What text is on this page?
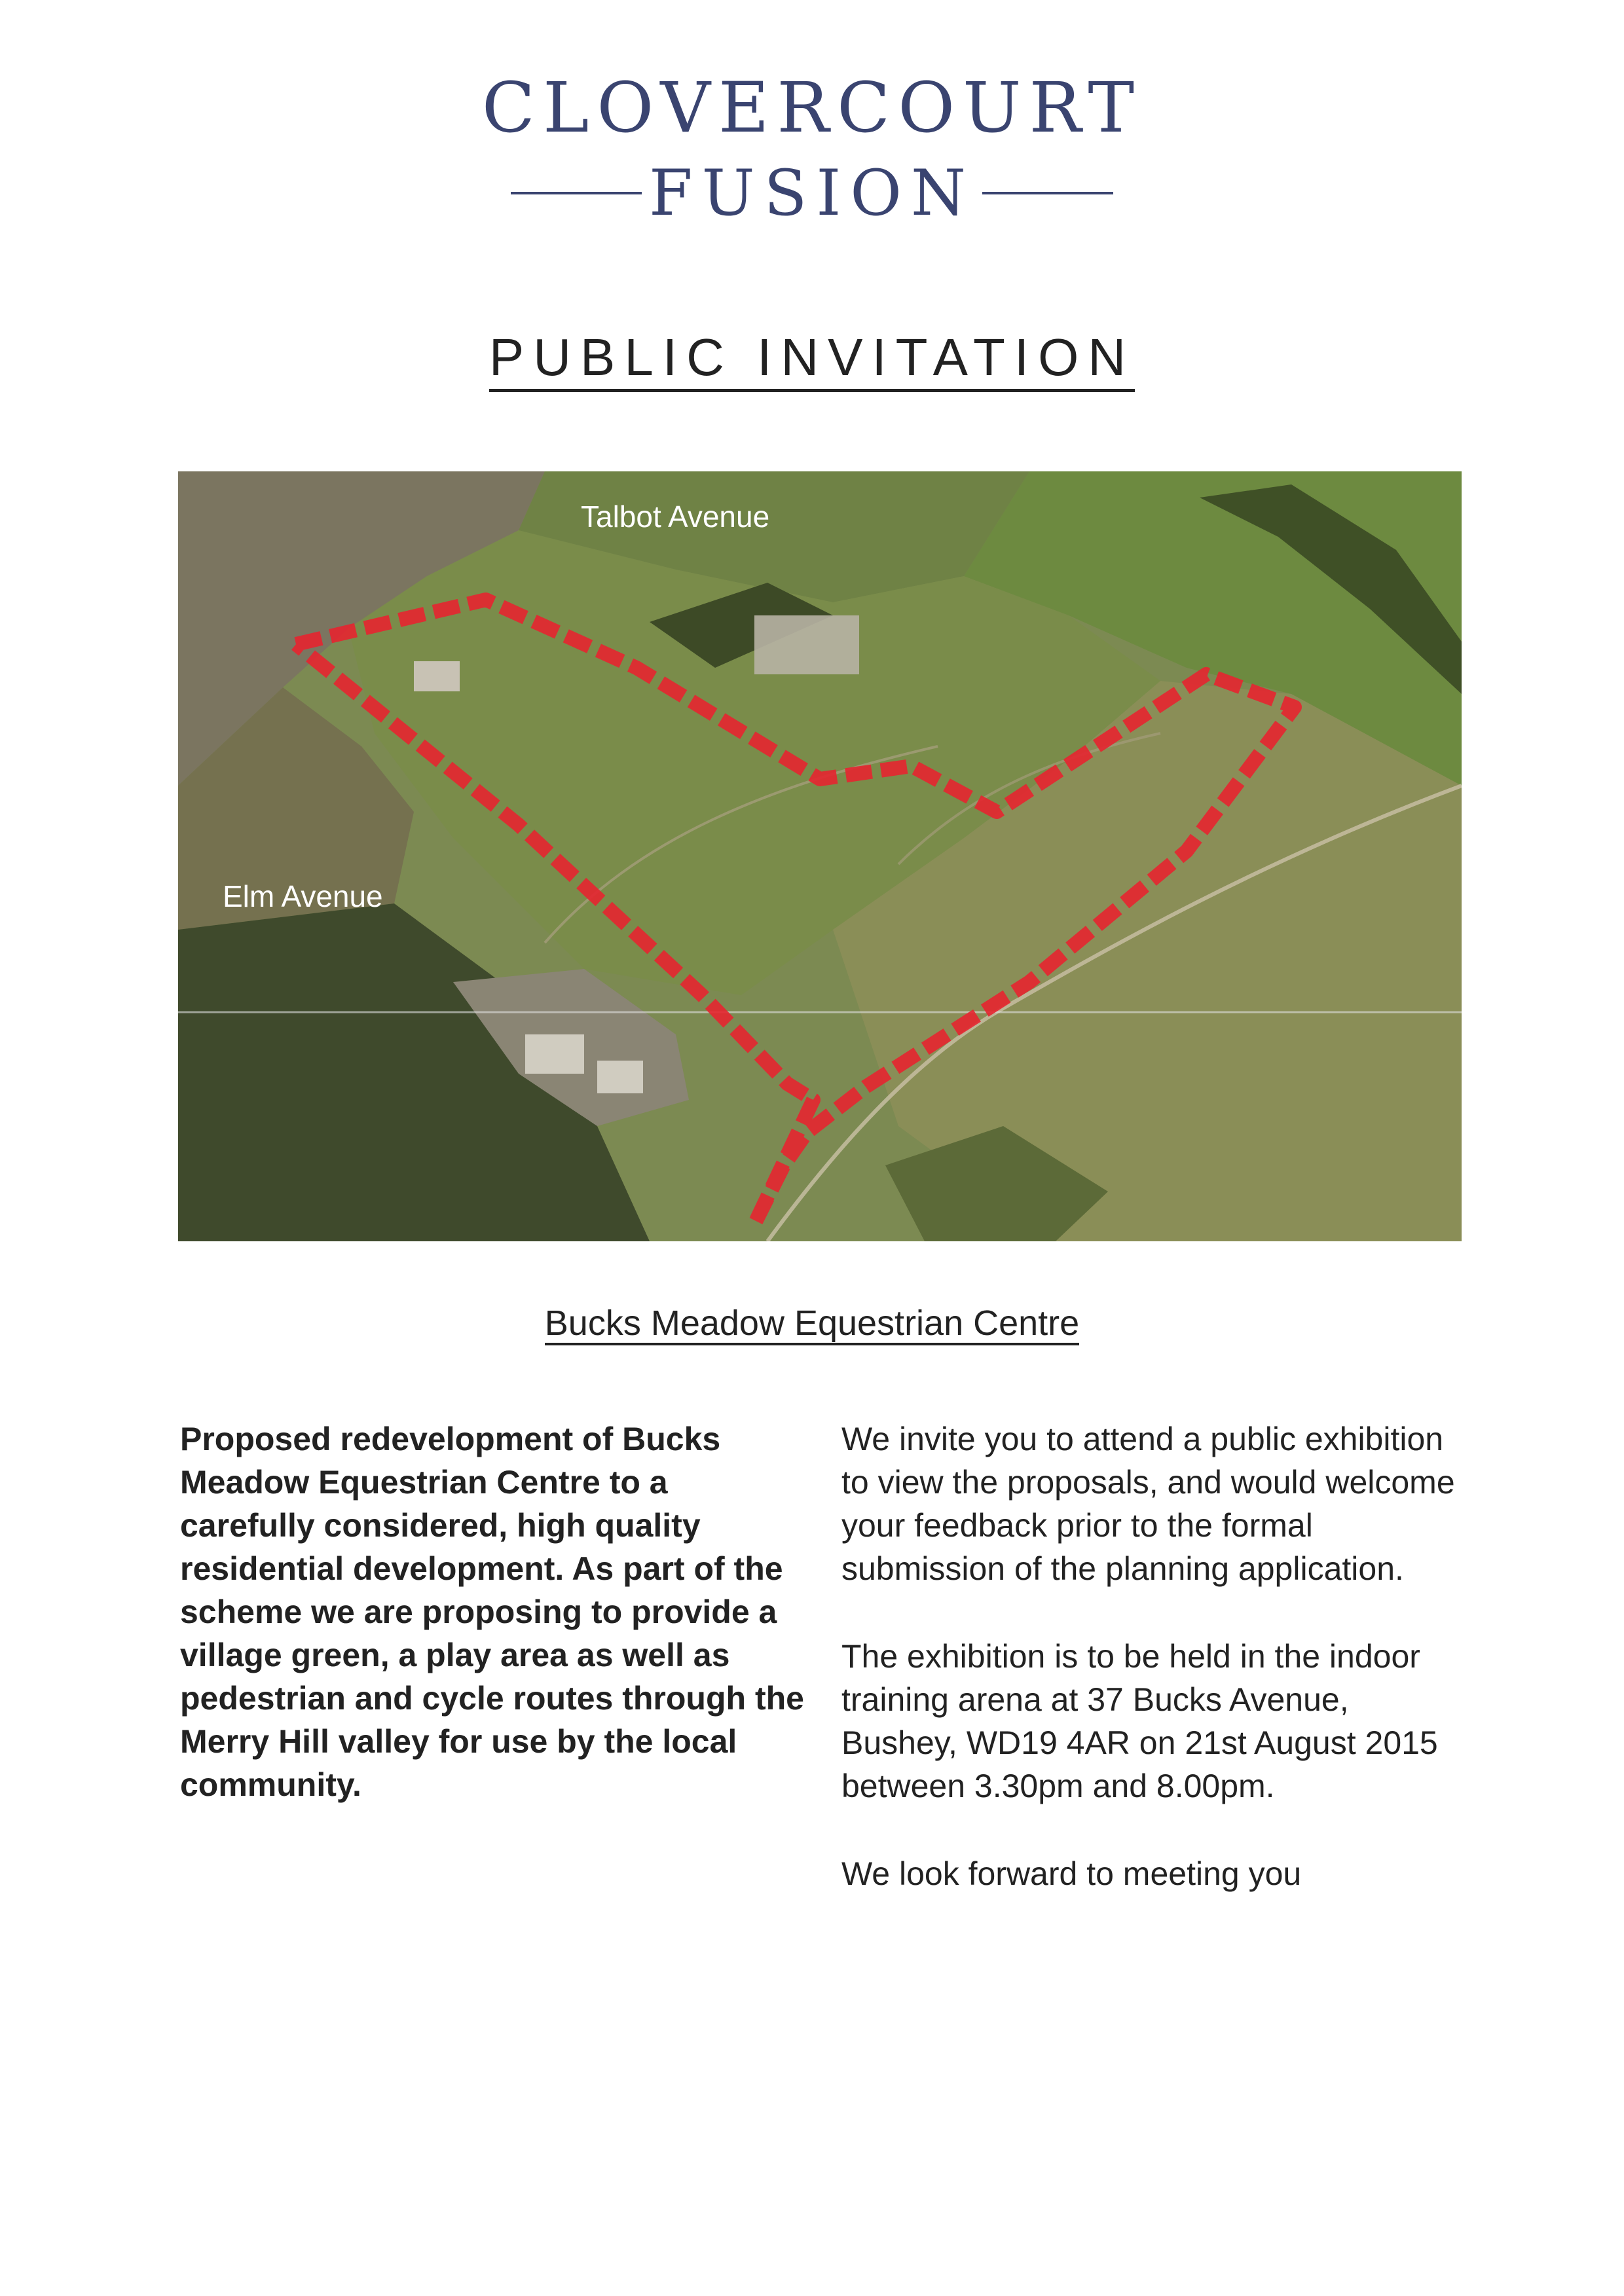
CLOVERCOURT
FUSION
PUBLIC INVITATION
Talbot Avenue
Elm Avenue
Bucks Meadow Equestrian Centre

Proposed redevelopment of Bucks Meadow Equestrian Centre to a carefully considered, high quality residential development. As part of the scheme we are proposing to provide a village green, a play area as well as pedestrian and cycle routes through the Merry Hill valley for use by the local community.

We invite you to attend a public exhibition to view the proposals, and would welcome your feedback prior to the formal submission of the planning application.

The exhibition is to be held in the indoor training arena at 37 Bucks Avenue, Bushey, WD19 4AR on 21st August 2015 between 3.30pm and 8.00pm.

We look forward to meeting you
